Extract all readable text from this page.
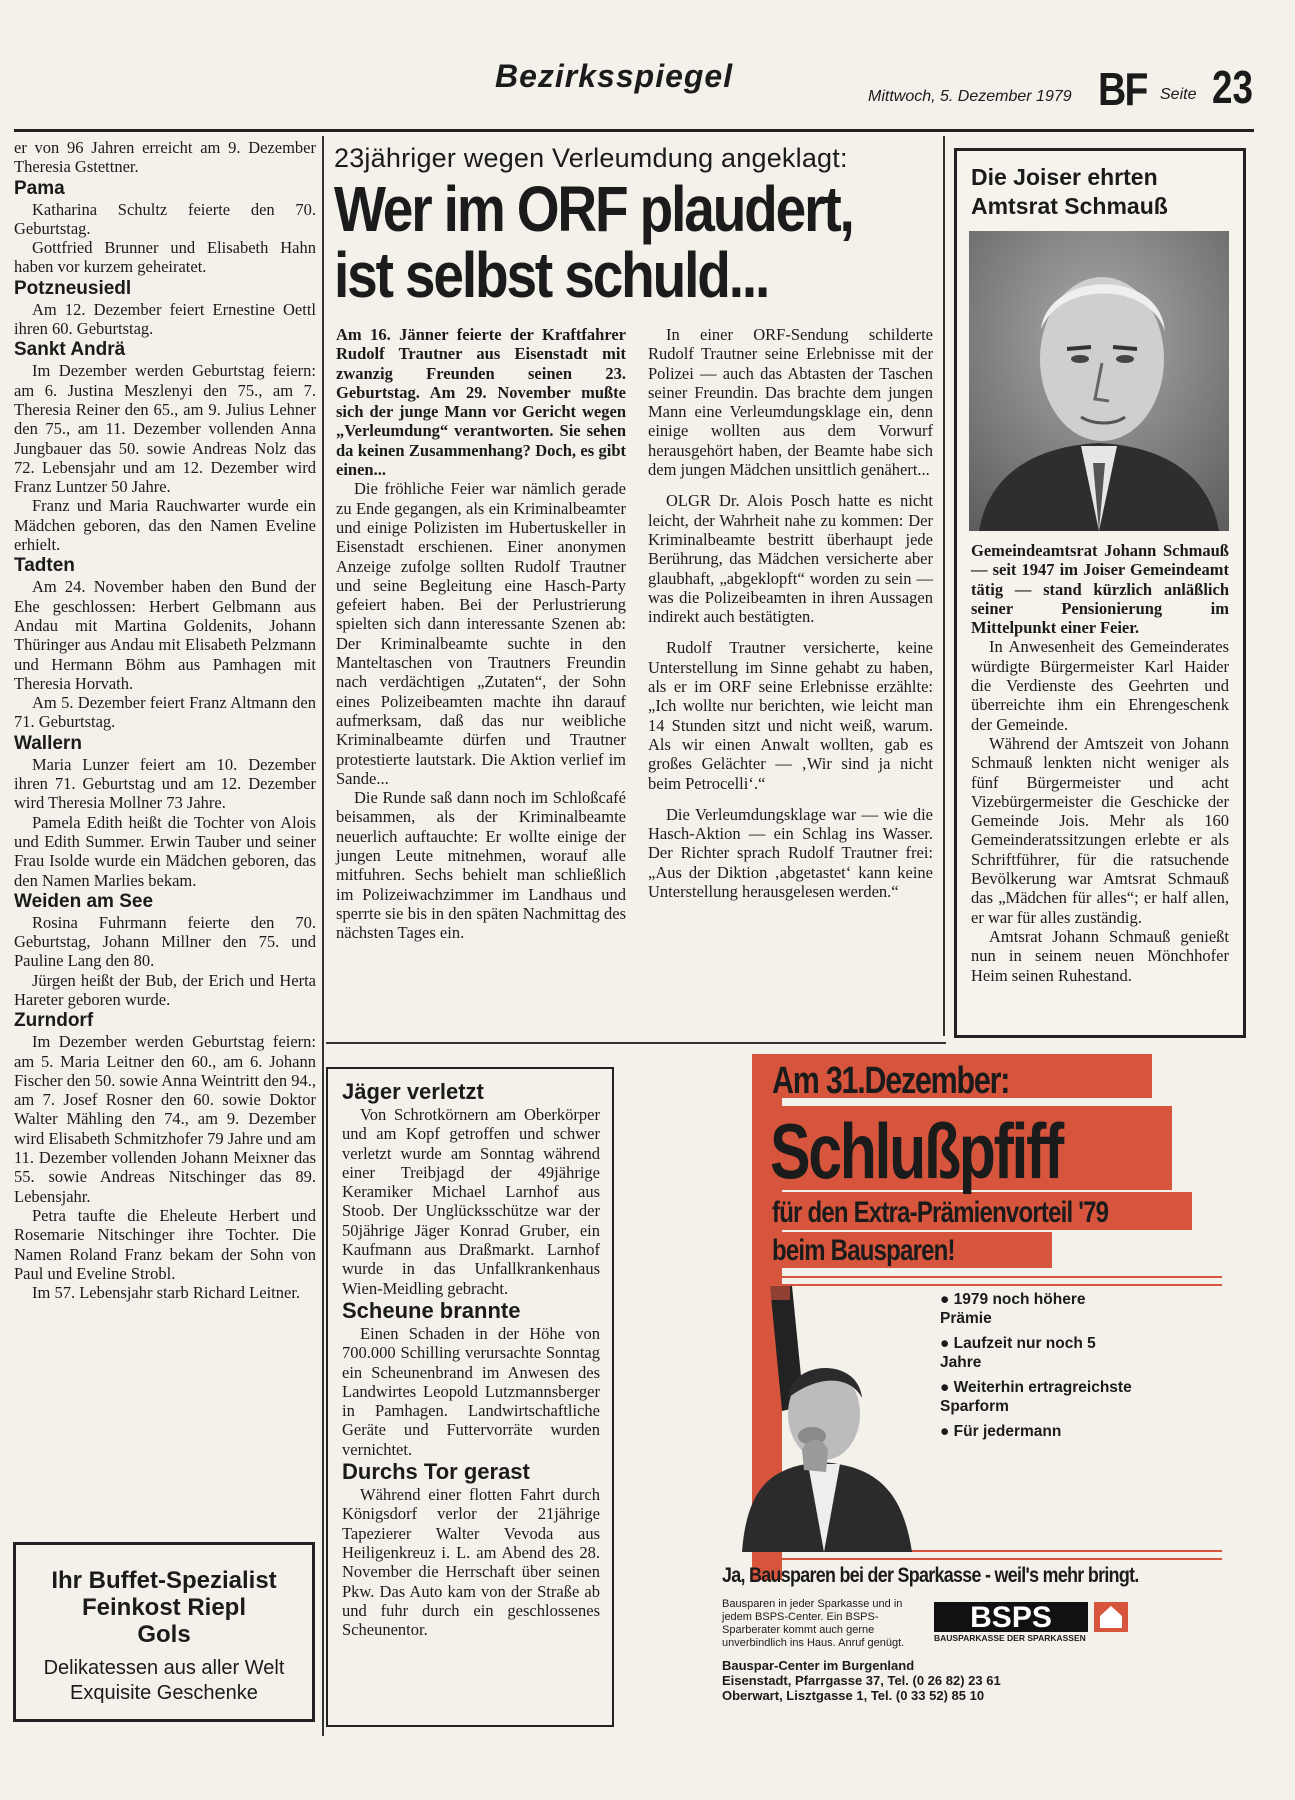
Bezirksspiegel
Mittwoch, 5. Dezember 1979 BF Seite 23

er von 96 Jahren erreicht am 9. Dezember Theresia Gstettner.

Pama

Katharina Schultz feierte den 70. Geburtstag.

Gottfried Brunner und Elisabeth Hahn haben vor kurzem geheiratet.

Potzneusiedl

Am 12. Dezember feiert Ernestine Oettl ihren 60. Geburtstag.

Sankt Andrä

Im Dezember werden Geburtstag feiern: am 6. Justina Meszlenyi den 75., am 7. Theresia Reiner den 65., am 9. Julius Lehner den 75., am 11. Dezember vollenden Anna Jungbauer das 50. sowie Andreas Nolz das 72. Lebensjahr und am 12. Dezember wird Franz Luntzer 50 Jahre.

Franz und Maria Rauchwarter wurde ein Mädchen geboren, das den Namen Eveline erhielt.

Tadten

Am 24. November haben den Bund der Ehe geschlossen: Herbert Gelbmann aus Andau mit Martina Goldenits, Johann Thüringer aus Andau mit Elisabeth Pelzmann und Hermann Böhm aus Pamhagen mit Theresia Horvath.

Am 5. Dezember feiert Franz Altmann den 71. Geburtstag.

Wallern

Maria Lunzer feiert am 10. Dezember ihren 71. Geburtstag und am 12. Dezember wird Theresia Mollner 73 Jahre.

Pamela Edith heißt die Tochter von Alois und Edith Summer. Erwin Tauber und seiner Frau Isolde wurde ein Mädchen geboren, das den Namen Marlies bekam.

Weiden am See

Rosina Fuhrmann feierte den 70. Geburtstag, Johann Millner den 75. und Pauline Lang den 80.

Jürgen heißt der Bub, der Erich und Herta Hareter geboren wurde.

Zurndorf

Im Dezember werden Geburtstag feiern: am 5. Maria Leitner den 60., am 6. Johann Fischer den 50. sowie Anna Weintritt den 94., am 7. Josef Rosner den 60. sowie Doktor Walter Mähling den 74., am 9. Dezember wird Elisabeth Schmitzhofer 79 Jahre und am 11. Dezember vollenden Johann Meixner das 55. sowie Andreas Nitschinger das 89. Lebensjahr.

Petra taufte die Eheleute Herbert und Rosemarie Nitschinger ihre Tochter. Die Namen Roland Franz bekam der Sohn von Paul und Eveline Strobl.

Im 57. Lebensjahr starb Richard Leitner.

Ihr Buffet-Spezialist
Feinkost Riepl
Gols
Delikatessen aus aller Welt
Exquisite Geschenke
23jähriger wegen Verleumdung angeklagt:
Wer im ORF plaudert,
ist selbst schuld...

Am 16. Jänner feierte der Kraftfahrer Rudolf Trautner aus Eisenstadt mit zwanzig Freunden seinen 23. Geburtstag. Am 29. November mußte sich der junge Mann vor Gericht wegen „Verleumdung“ verantworten. Sie sehen da keinen Zusammenhang? Doch, es gibt einen...

Die fröhliche Feier war nämlich gerade zu Ende gegangen, als ein Kriminalbeamter und einige Polizisten im Hubertuskeller in Eisenstadt erschienen. Einer anonymen Anzeige zufolge sollten Rudolf Trautner und seine Begleitung eine Hasch-Party gefeiert haben. Bei der Perlustrierung spielten sich dann interessante Szenen ab: Der Kriminalbeamte suchte in den Manteltaschen von Trautners Freundin nach verdächtigen „Zutaten“, der Sohn eines Polizeibeamten machte ihn darauf aufmerksam, daß das nur weibliche Kriminalbeamte dürfen und Trautner protestierte lautstark. Die Aktion verlief im Sande...

Die Runde saß dann noch im Schloßcafé beisammen, als der Kriminalbeamte neuerlich auftauchte: Er wollte einige der jungen Leute mitnehmen, worauf alle mitfuhren. Sechs behielt man schließlich im Polizeiwachzimmer im Landhaus und sperrte sie bis in den späten Nachmittag des nächsten Tages ein.

In einer ORF-Sendung schilderte Rudolf Trautner seine Erlebnisse mit der Polizei — auch das Abtasten der Taschen seiner Freundin. Das brachte dem jungen Mann eine Verleumdungsklage ein, denn einige wollten aus dem Vorwurf herausgehört haben, der Beamte habe sich dem jungen Mädchen unsittlich genähert...

OLGR Dr. Alois Posch hatte es nicht leicht, der Wahrheit nahe zu kommen: Der Kriminalbeamte bestritt überhaupt jede Berührung, das Mädchen versicherte aber glaubhaft, „abgeklopft“ worden zu sein — was die Polizeibeamten in ihren Aussagen indirekt auch bestätigten.

Rudolf Trautner versicherte, keine Unterstellung im Sinne gehabt zu haben, als er im ORF seine Erlebnisse erzählte: „Ich wollte nur berichten, wie leicht man 14 Stunden sitzt und nicht weiß, warum. Als wir einen Anwalt wollten, gab es großes Gelächter — ‚Wir sind ja nicht beim Petrocelli‘.“

Die Verleumdungsklage war — wie die Hasch-Aktion — ein Schlag ins Wasser. Der Richter sprach Rudolf Trautner frei: „Aus der Diktion ‚abgetastet‘ kann keine Unterstellung herausgelesen werden.“

Die Joiser ehrten Amtsrat Schmauß

Gemeindeamtsrat Johann Schmauß — seit 1947 im Joiser Gemeindeamt tätig — stand kürzlich anläßlich seiner Pensionierung im Mittelpunkt einer Feier.

In Anwesenheit des Gemeinderates würdigte Bürgermeister Karl Haider die Verdienste des Geehrten und überreichte ihm ein Ehrengeschenk der Gemeinde.

Während der Amtszeit von Johann Schmauß lenkten nicht weniger als fünf Bürgermeister und acht Vizebürgermeister die Geschicke der Gemeinde Jois. Mehr als 160 Gemeinderatssitzungen erlebte er als Schriftführer, für die ratsuchende Bevölkerung war Amtsrat Schmauß das „Mädchen für alles“; er half allen, er war für alles zuständig.

Amtsrat Johann Schmauß genießt nun in seinem neuen Mönchhofer Heim seinen Ruhestand.

Jäger verletzt

Von Schrotkörnern am Oberkörper und am Kopf getroffen und schwer verletzt wurde am Sonntag während einer Treibjagd der 49jährige Keramiker Michael Larnhof aus Stoob. Der Unglücksschütze war der 50jährige Jäger Konrad Gruber, ein Kaufmann aus Draßmarkt. Larnhof wurde in das Unfallkrankenhaus Wien-Meidling gebracht.

Scheune brannte

Einen Schaden in der Höhe von 700.000 Schilling verursachte Sonntag ein Scheunenbrand im Anwesen des Landwirtes Leopold Lutzmannsberger in Pamhagen. Landwirtschaftliche Geräte und Futtervorräte wurden vernichtet.

Durchs Tor gerast

Während einer flotten Fahrt durch Königsdorf verlor der 21jährige Tapezierer Walter Vevoda aus Heiligenkreuz i. L. am Abend des 28. November die Herrschaft über seinen Pkw. Das Auto kam von der Straße ab und fuhr durch ein geschlossenes Scheunentor.

Am 31.Dezember:
Schlußpfiff
für den Extra-Prämienvorteil '79
beim Bausparen!
● 1979 noch höhere Prämie
● Laufzeit nur noch 5 Jahre
● Weiterhin ertragreichste Sparform
● Für jedermann
Ja, Bausparen bei der Sparkasse - weil's mehr bringt.
Bausparen in jeder Sparkasse und in jedem BSPS-Center. Ein BSPS-Sparberater kommt auch gerne unverbindlich ins Haus. Anruf genügt.
BSPS
BAUSPARKASSE DER SPARKASSEN
Bauspar-Center im Burgenland
Eisenstadt, Pfarrgasse 37, Tel. (0 26 82) 23 61
Oberwart, Lisztgasse 1, Tel. (0 33 52) 85 10
